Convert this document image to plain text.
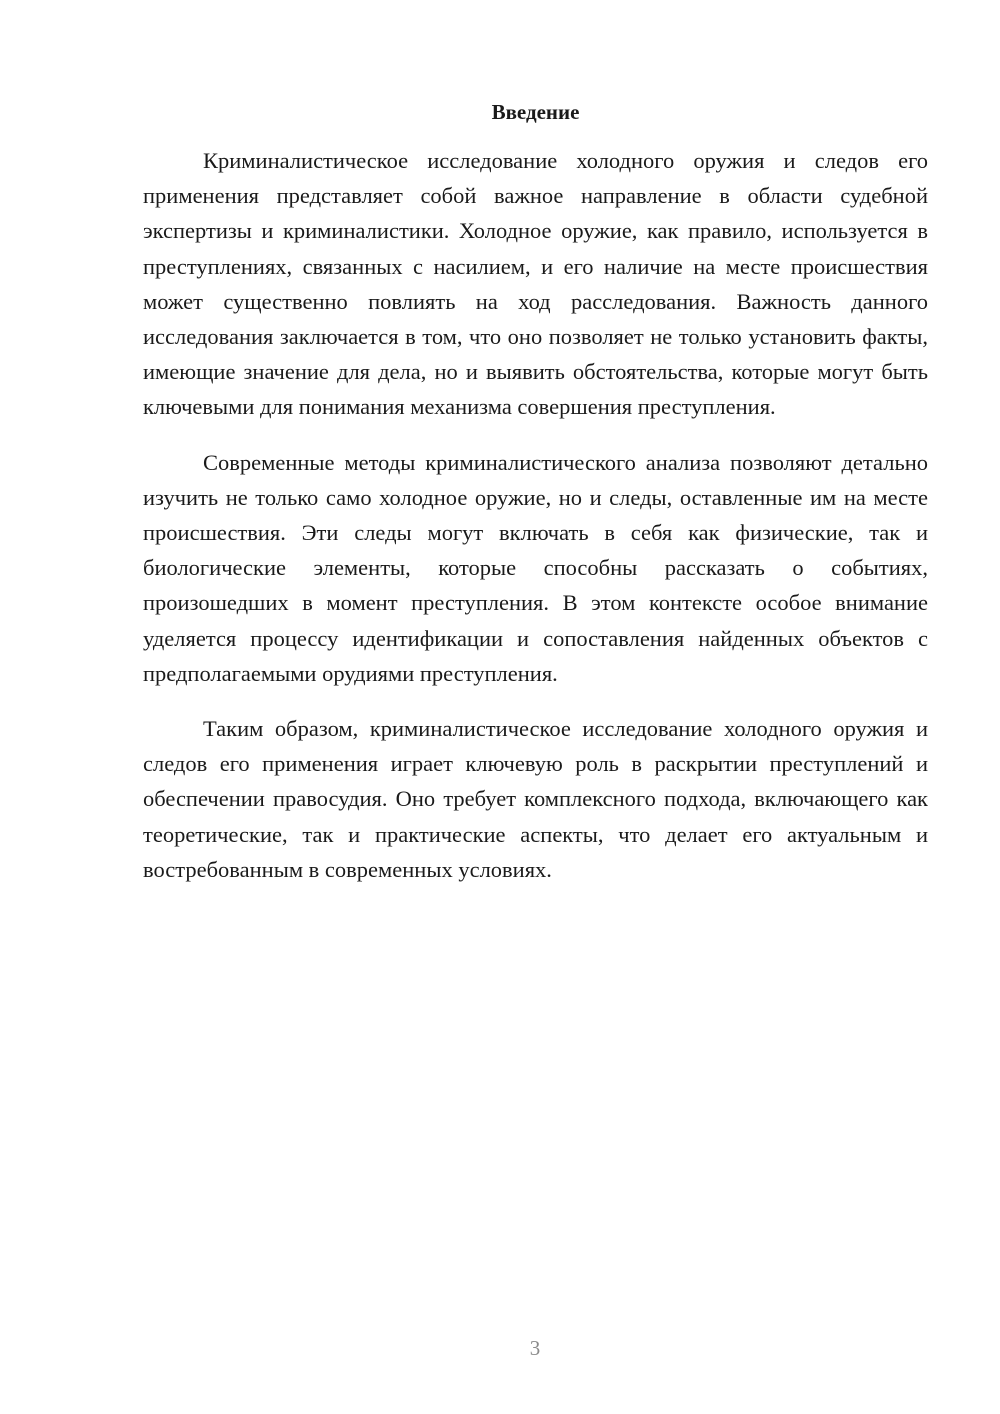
Введение

Криминалистическое исследование холодного оружия и следов его применения представляет собой важное направление в области судебной экспертизы и криминалистики. Холодное оружие, как правило, используется в преступлениях, связанных с насилием, и его наличие на месте происшествия может существенно повлиять на ход расследования. Важность данного исследования заключается в том, что оно позволяет не только установить факты, имеющие значение для дела, но и выявить обстоятельства, которые могут быть ключевыми для понимания механизма совершения преступления.

Современные методы криминалистического анализа позволяют детально изучить не только само холодное оружие, но и следы, оставленные им на месте происшествия. Эти следы могут включать в себя как физические, так и биологические элементы, которые способны рассказать о событиях, произошедших в момент преступления. В этом контексте особое внимание уделяется процессу идентификации и сопоставления найденных объектов с предполагаемыми орудиями преступления.

Таким образом, криминалистическое исследование холодного оружия и следов его применения играет ключевую роль в раскрытии преступлений и обеспечении правосудия. Оно требует комплексного подхода, включающего как теоретические, так и практические аспекты, что делает его актуальным и востребованным в современных условиях.

3
